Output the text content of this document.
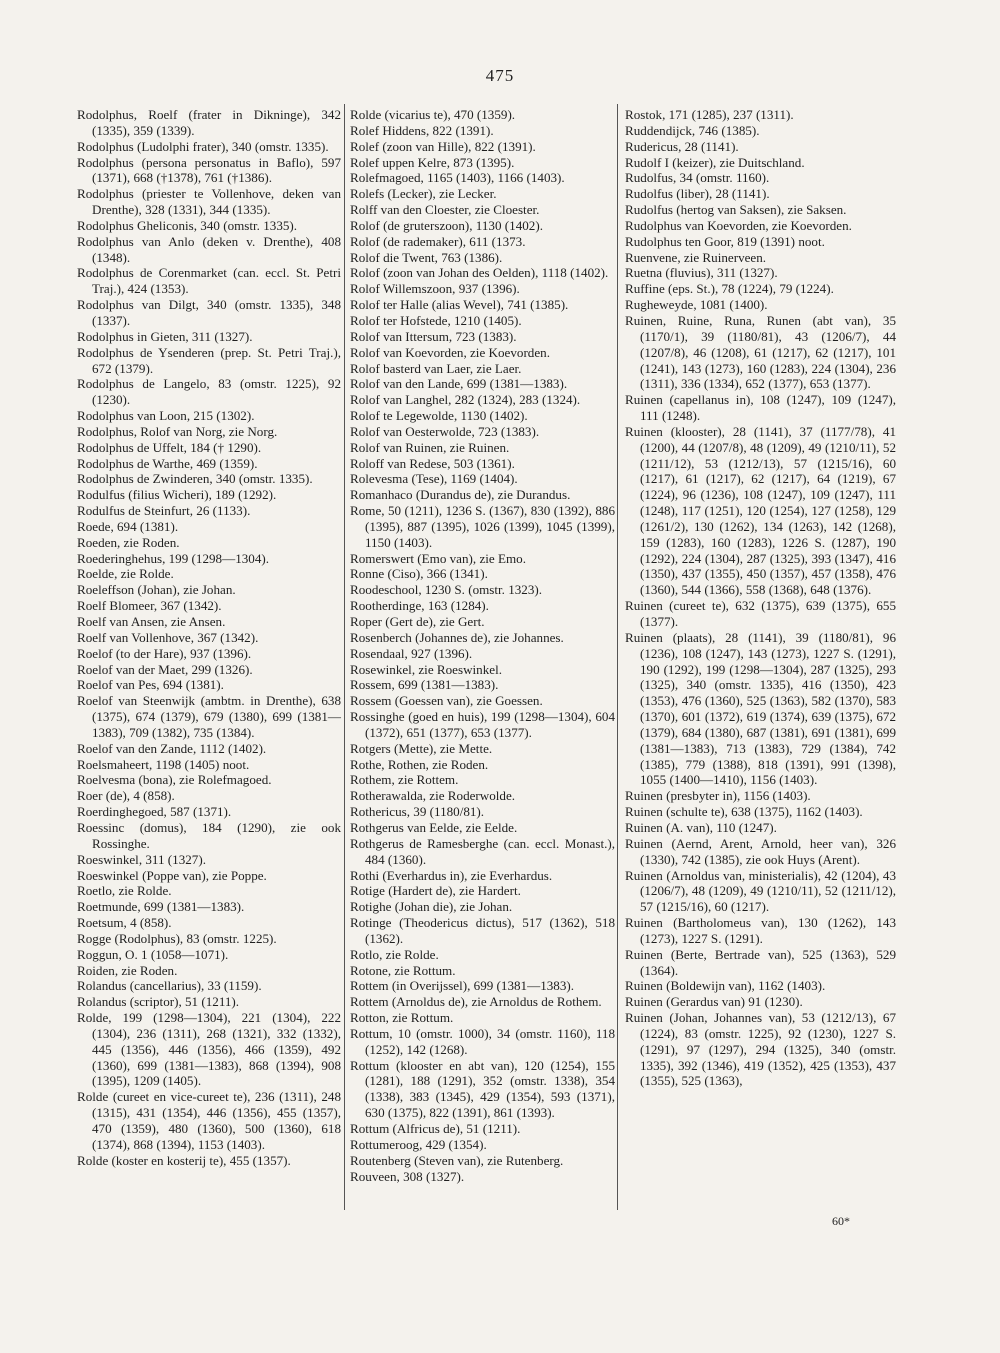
475

Rodolphus, Roelf (frater in Dikninge), 342 (1335), 359 (1339).

Rodolphus (Ludolphi frater), 340 (omstr. 1335).

Rodolphus (persona personatus in Baflo), 597 (1371), 668 (†1378), 761 (†1386).

Rodolphus (priester te Vollenhove, deken van Drenthe), 328 (1331), 344 (1335).

Rodolphus Gheliconis, 340 (omstr. 1335).

Rodolphus van Anlo (deken v. Drenthe), 408 (1348).

Rodolphus de Corenmarket (can. eccl. St. Petri Traj.), 424 (1353).

Rodolphus van Dilgt, 340 (omstr. 1335), 348 (1337).

Rodolphus in Gieten, 311 (1327).

Rodolphus de Ysenderen (prep. St. Petri Traj.), 672 (1379).

Rodolphus de Langelo, 83 (omstr. 1225), 92 (1230).

Rodolphus van Loon, 215 (1302).

Rodolphus, Rolof van Norg, zie Norg.

Rodolphus de Uffelt, 184 († 1290).

Rodolphus de Warthe, 469 (1359).

Rodolphus de Zwinderen, 340 (omstr. 1335).

Rodulfus (filius Wicheri), 189 (1292).

Rodulfus de Steinfurt, 26 (1133).

Roede, 694 (1381).

Roeden, zie Roden.

Roederinghehus, 199 (1298—1304).

Roelde, zie Rolde.

Roeleffson (Johan), zie Johan.

Roelf Blomeer, 367 (1342).

Roelf van Ansen, zie Ansen.

Roelf van Vollenhove, 367 (1342).

Roelof (to der Hare), 937 (1396).

Roelof van der Maet, 299 (1326).

Roelof van Pes, 694 (1381).

Roelof van Steenwijk (ambtm. in Drenthe), 638 (1375), 674 (1379), 679 (1380), 699 (1381—1383), 709 (1382), 735 (1384).

Roelof van den Zande, 1112 (1402).

Roelsmaheert, 1198 (1405) noot.

Roelvesma (bona), zie Rolefmagoed.

Roer (de), 4 (858).

Roerdinghegoed, 587 (1371).

Roessinc (domus), 184 (1290), zie ook Rossinghe.

Roeswinkel, 311 (1327).

Roeswinkel (Poppe van), zie Poppe.

Roetlo, zie Rolde.

Roetmunde, 699 (1381—1383).

Roetsum, 4 (858).

Rogge (Rodolphus), 83 (omstr. 1225).

Roggun, O. 1 (1058—1071).

Roiden, zie Roden.

Rolandus (cancellarius), 33 (1159).

Rolandus (scriptor), 51 (1211).

Rolde, 199 (1298—1304), 221 (1304), 222 (1304), 236 (1311), 268 (1321), 332 (1332), 445 (1356), 446 (1356), 466 (1359), 492 (1360), 699 (1381—1383), 868 (1394), 908 (1395), 1209 (1405).

Rolde (cureet en vice-cureet te), 236 (1311), 248 (1315), 431 (1354), 446 (1356), 455 (1357), 470 (1359), 480 (1360), 500 (1360), 618 (1374), 868 (1394), 1153 (1403).

Rolde (koster en kosterij te), 455 (1357).

Rolde (vicarius te), 470 (1359).

Rolef Hiddens, 822 (1391).

Rolef (zoon van Hille), 822 (1391).

Rolef uppen Kelre, 873 (1395).

Rolefmagoed, 1165 (1403), 1166 (1403).

Rolefs (Lecker), zie Lecker.

Rolff van den Cloester, zie Cloester.

Rolof (de gruterszoon), 1130 (1402).

Rolof (de rademaker), 611 (1373.

Rolof die Twent, 763 (1386).

Rolof (zoon van Johan des Oelden), 1118 (1402).

Rolof Willemszoon, 937 (1396).

Rolof ter Halle (alias Wevel), 741 (1385).

Rolof ter Hofstede, 1210 (1405).

Rolof van Ittersum, 723 (1383).

Rolof van Koevorden, zie Koevorden.

Rolof basterd van Laer, zie Laer.

Rolof van den Lande, 699 (1381—1383).

Rolof van Langhel, 282 (1324), 283 (1324).

Rolof te Legewolde, 1130 (1402).

Rolof van Oesterwolde, 723 (1383).

Rolof van Ruinen, zie Ruinen.

Roloff van Redese, 503 (1361).

Rolevesma (Tese), 1169 (1404).

Romanhaco (Durandus de), zie Durandus.

Rome, 50 (1211), 1236 S. (1367), 830 (1392), 886 (1395), 887 (1395), 1026 (1399), 1045 (1399), 1150 (1403).

Romerswert (Emo van), zie Emo.

Ronne (Ciso), 366 (1341).

Roodeschool, 1230 S. (omstr. 1323).

Rootherdinge, 163 (1284).

Roper (Gert de), zie Gert.

Rosenberch (Johannes de), zie Johannes.

Rosendaal, 927 (1396).

Rosewinkel, zie Roeswinkel.

Rossem, 699 (1381—1383).

Rossem (Goessen van), zie Goessen.

Rossinghe (goed en huis), 199 (1298—1304), 604 (1372), 651 (1377), 653 (1377).

Rotgers (Mette), zie Mette.

Rothe, Rothen, zie Roden.

Rothem, zie Rottem.

Rotherawalda, zie Roderwolde.

Rothericus, 39 (1180/81).

Rothgerus van Eelde, zie Eelde.

Rothgerus de Ramesberghe (can. eccl. Monast.), 484 (1360).

Rothi (Everhardus in), zie Everhardus.

Rotige (Hardert de), zie Hardert.

Rotighe (Johan die), zie Johan.

Rotinge (Theodericus dictus), 517 (1362), 518 (1362).

Rotlo, zie Rolde.

Rotone, zie Rottum.

Rottem (in Overijssel), 699 (1381—1383).

Rottem (Arnoldus de), zie Arnoldus de Rothem.

Rotton, zie Rottum.

Rottum, 10 (omstr. 1000), 34 (omstr. 1160), 118 (1252), 142 (1268).

Rottum (klooster en abt van), 120 (1254), 155 (1281), 188 (1291), 352 (omstr. 1338), 354 (1338), 383 (1345), 429 (1354), 593 (1371), 630 (1375), 822 (1391), 861 (1393).

Rottum (Alfricus de), 51 (1211).

Rottumeroog, 429 (1354).

Routenberg (Steven van), zie Rutenberg.

Rouveen, 308 (1327).

Rostok, 171 (1285), 237 (1311).

Ruddendijck, 746 (1385).

Rudericus, 28 (1141).

Rudolf I (keizer), zie Duitschland.

Rudolfus, 34 (omstr. 1160).

Rudolfus (liber), 28 (1141).

Rudolfus (hertog van Saksen), zie Saksen.

Rudolphus van Koevorden, zie Koevorden.

Rudolphus ten Goor, 819 (1391) noot.

Ruenvene, zie Ruinerveen.

Ruetna (fluvius), 311 (1327).

Ruffine (eps. St.), 78 (1224), 79 (1224).

Rugheweyde, 1081 (1400).

Ruinen, Ruine, Runa, Runen (abt van), 35 (1170/1), 39 (1180/81), 43 (1206/7), 44 (1207/8), 46 (1208), 61 (1217), 62 (1217), 101 (1241), 143 (1273), 160 (1283), 224 (1304), 236 (1311), 336 (1334), 652 (1377), 653 (1377).

Ruinen (capellanus in), 108 (1247), 109 (1247), 111 (1248).

Ruinen (klooster), 28 (1141), 37 (1177/78), 41 (1200), 44 (1207/8), 48 (1209), 49 (1210/11), 52 (1211/12), 53 (1212/13), 57 (1215/16), 60 (1217), 61 (1217), 62 (1217), 64 (1219), 67 (1224), 96 (1236), 108 (1247), 109 (1247), 111 (1248), 117 (1251), 120 (1254), 127 (1258), 129 (1261/2), 130 (1262), 134 (1263), 142 (1268), 159 (1283), 160 (1283), 1226 S. (1287), 190 (1292), 224 (1304), 287 (1325), 393 (1347), 416 (1350), 437 (1355), 450 (1357), 457 (1358), 476 (1360), 544 (1366), 558 (1368), 648 (1376).

Ruinen (cureet te), 632 (1375), 639 (1375), 655 (1377).

Ruinen (plaats), 28 (1141), 39 (1180/81), 96 (1236), 108 (1247), 143 (1273), 1227 S. (1291), 190 (1292), 199 (1298—1304), 287 (1325), 293 (1325), 340 (omstr. 1335), 416 (1350), 423 (1353), 476 (1360), 525 (1363), 582 (1370), 583 (1370), 601 (1372), 619 (1374), 639 (1375), 672 (1379), 684 (1380), 687 (1381), 691 (1381), 699 (1381—1383), 713 (1383), 729 (1384), 742 (1385), 779 (1388), 818 (1391), 991 (1398), 1055 (1400—1410), 1156 (1403).

Ruinen (presbyter in), 1156 (1403).

Ruinen (schulte te), 638 (1375), 1162 (1403).

Ruinen (A. van), 110 (1247).

Ruinen (Aernd, Arent, Arnold, heer van), 326 (1330), 742 (1385), zie ook Huys (Arent).

Ruinen (Arnoldus van, ministerialis), 42 (1204), 43 (1206/7), 48 (1209), 49 (1210/11), 52 (1211/12), 57 (1215/16), 60 (1217).

Ruinen (Bartholomeus van), 130 (1262), 143 (1273), 1227 S. (1291).

Ruinen (Berte, Bertrade van), 525 (1363), 529 (1364).

Ruinen (Boldewijn van), 1162 (1403).

Ruinen (Gerardus van) 91 (1230).

Ruinen (Johan, Johannes van), 53 (1212/13), 67 (1224), 83 (omstr. 1225), 92 (1230), 1227 S. (1291), 97 (1297), 294 (1325), 340 (omstr. 1335), 392 (1346), 419 (1352), 425 (1353), 437 (1355), 525 (1363),

60*
